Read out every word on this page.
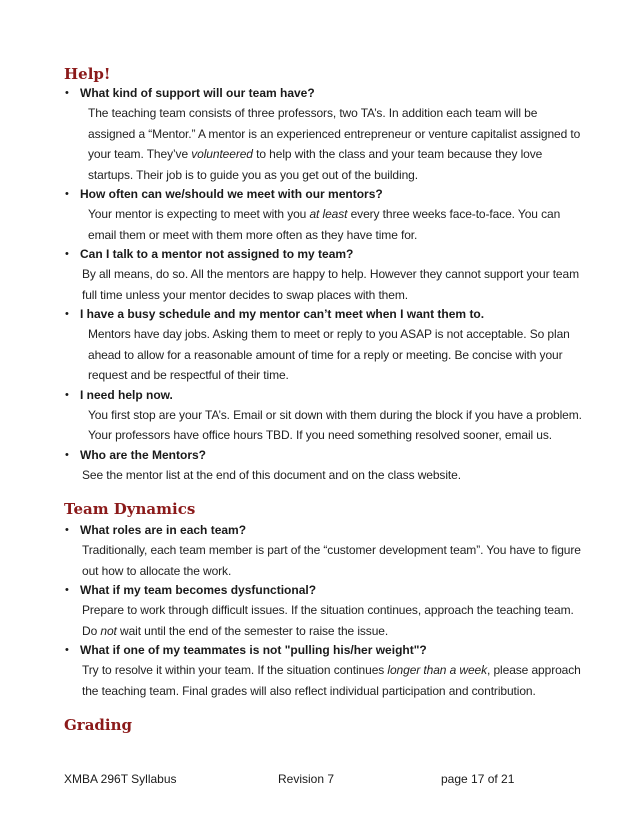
Help!
• What kind of support will our team have?

The teaching team consists of three professors, two TA’s. In addition each team will be assigned a “Mentor.” A mentor is an experienced entrepreneur or venture capitalist assigned to your team. They’ve volunteered to help with the class and your team because they love startups. Their job is to guide you as you get out of the building.

• How often can we/should we meet with our mentors?

Your mentor is expecting to meet with you at least every three weeks face-to-face. You can email them or meet with them more often as they have time for.

• Can I talk to a mentor not assigned to my team?

By all means, do so. All the mentors are happy to help. However they cannot support your team full time unless your mentor decides to swap places with them.

• I have a busy schedule and my mentor can’t meet when I want them to.

Mentors have day jobs. Asking them to meet or reply to you ASAP is not acceptable. So plan ahead to allow for a reasonable amount of time for a reply or meeting. Be concise with your request and be respectful of their time.

• I need help now.

You first stop are your TA’s. Email or sit down with them during the block if you have a problem. Your professors have office hours TBD. If you need something resolved sooner, email us.

• Who are the Mentors?

See the mentor list at the end of this document and on the class website.

Team Dynamics
• What roles are in each team?

Traditionally, each team member is part of the “customer development team”. You have to figure out how to allocate the work.

• What if my team becomes dysfunctional?

Prepare to work through difficult issues. If the situation continues, approach the teaching team. Do not wait until the end of the semester to raise the issue.

• What if one of my teammates is not "pulling his/her weight"?

Try to resolve it within your team. If the situation continues longer than a week, please approach the teaching team. Final grades will also reflect individual participation and contribution.

Grading
XMBA 296T Syllabus	Revision 7	page 17 of 21
